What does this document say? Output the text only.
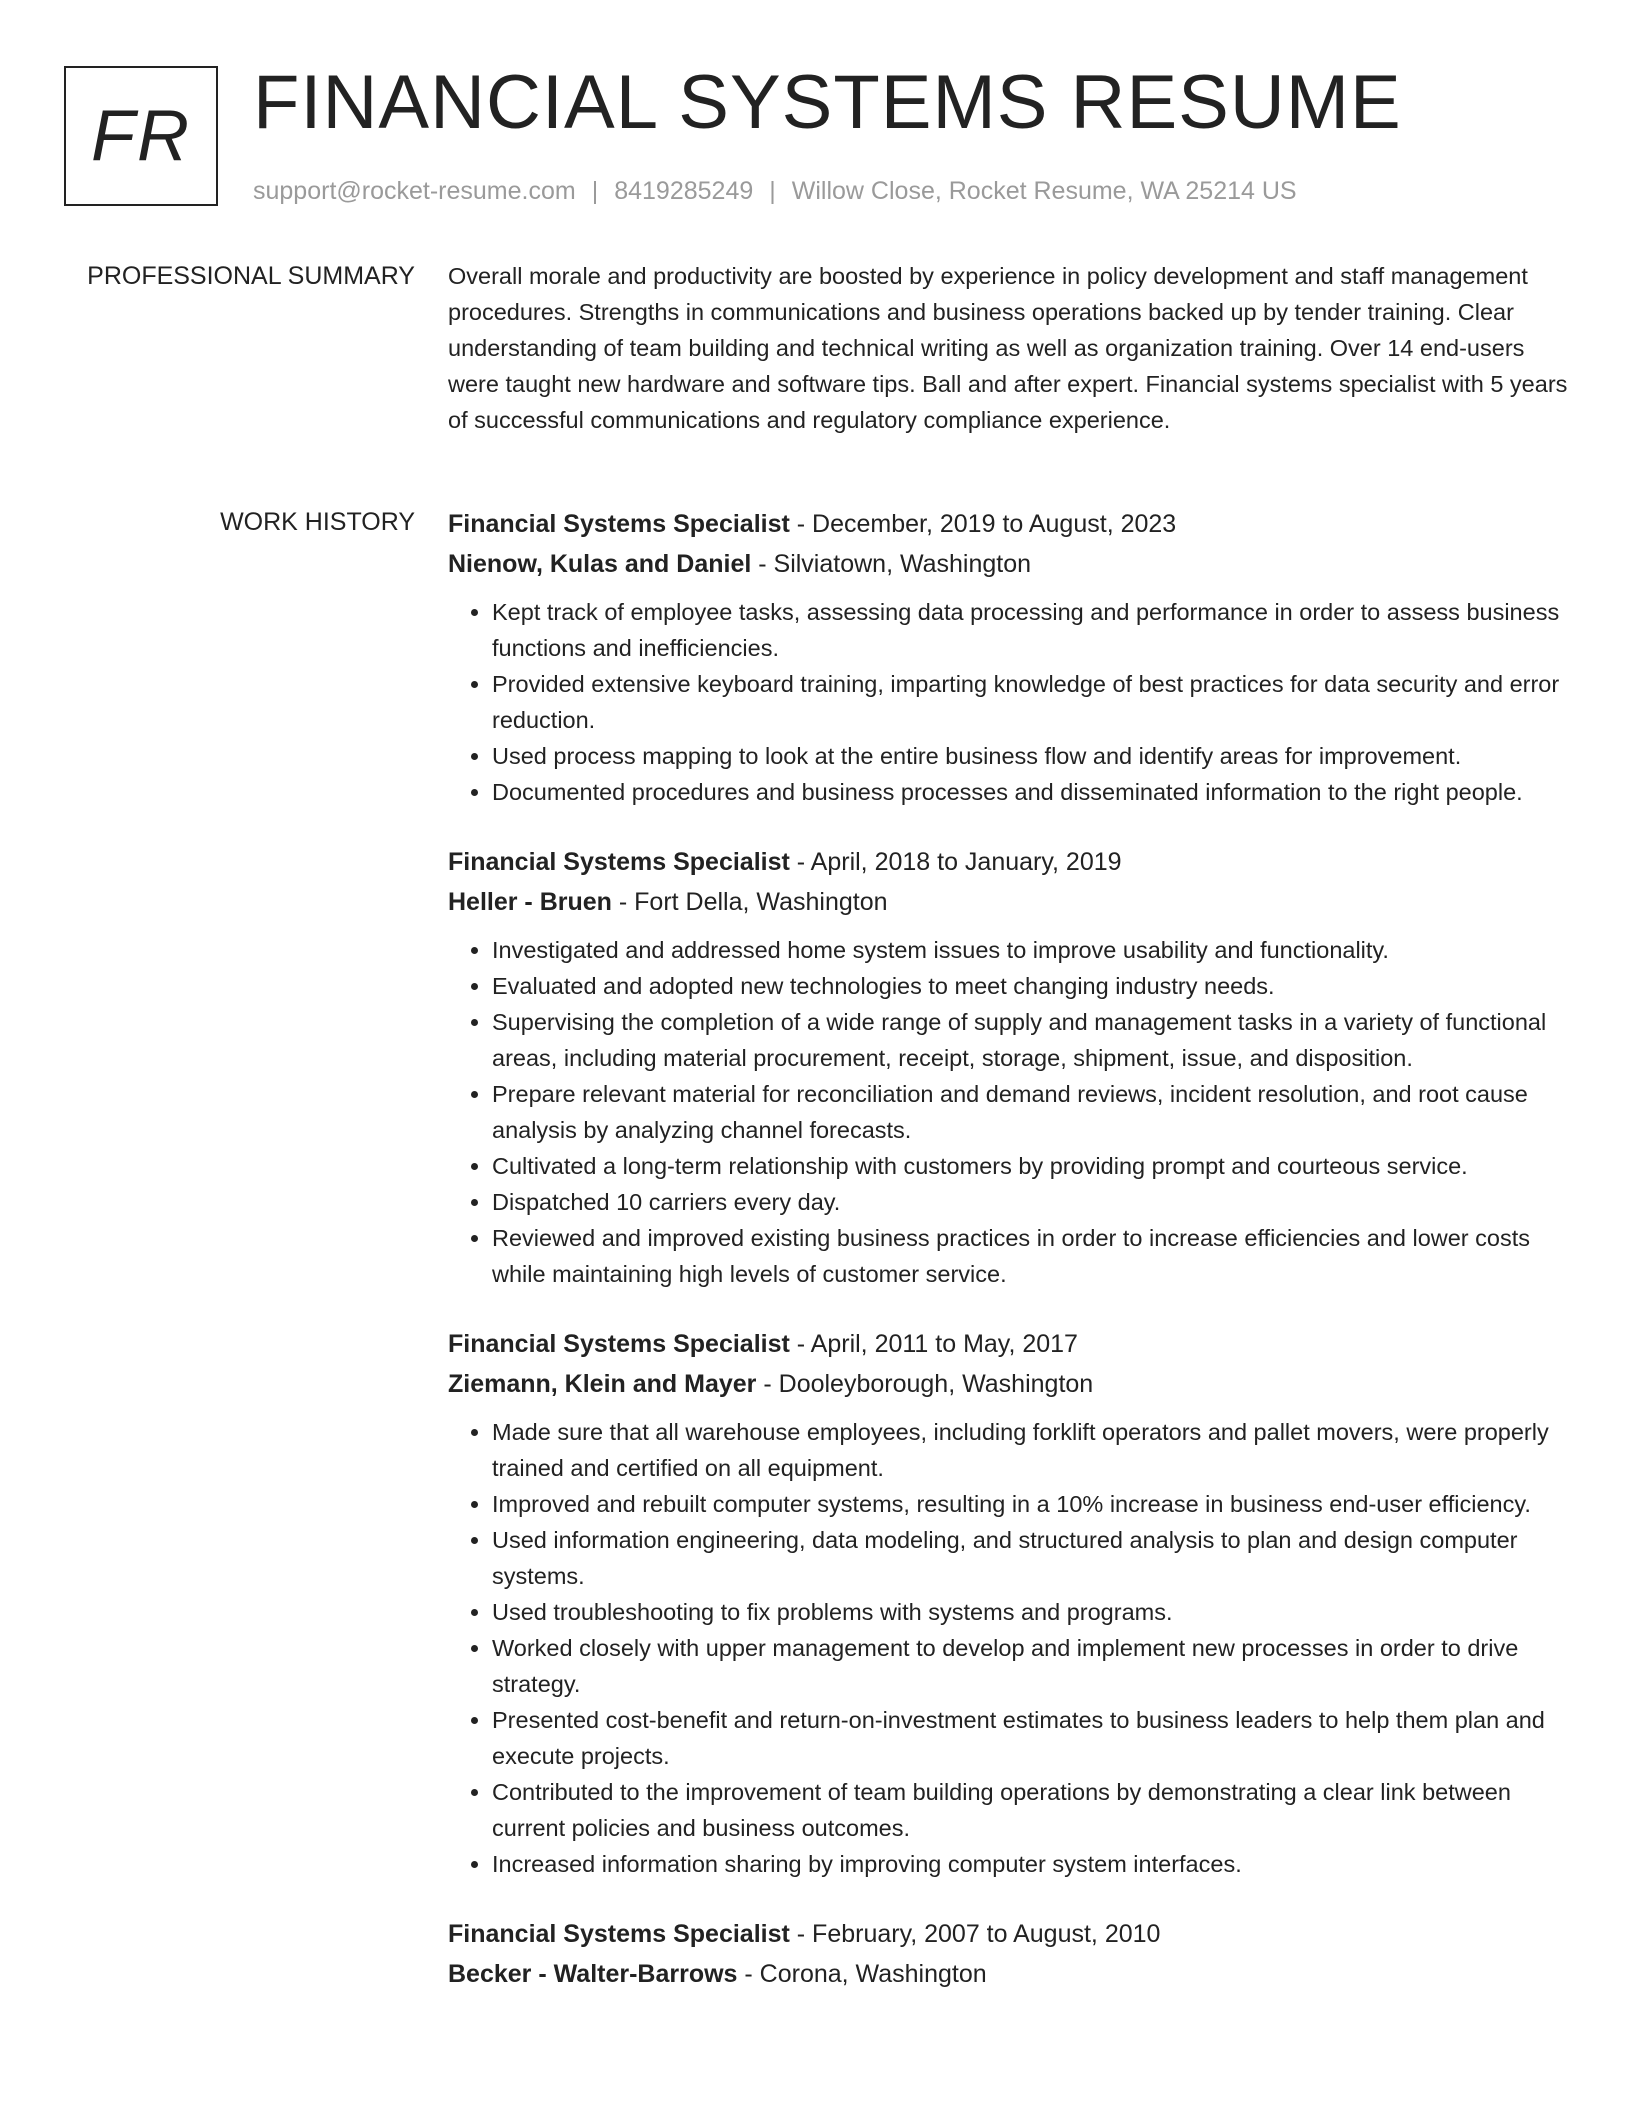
FR FINANCIAL SYSTEMS RESUME
support@rocket-resume.com | 8419285249 | Willow Close, Rocket Resume, WA 25214 US
PROFESSIONAL SUMMARY Overall morale and productivity are boosted by experience in policy development and staff management procedures. Strengths in communications and business operations backed up by tender training. Clear understanding of team building and technical writing as well as organization training. Over 14 end-users were taught new hardware and software tips. Ball and after expert. Financial systems specialist with 5 years of successful communications and regulatory compliance experience.

WORK HISTORY Financial Systems Specialist - December, 2019 to August, 2023
Nienow, Kulas and Daniel - Silviatown, Washington
• Kept track of employee tasks, assessing data processing and performance in order to assess business functions and inefficiencies.
• Provided extensive keyboard training, imparting knowledge of best practices for data security and error reduction.
• Used process mapping to look at the entire business flow and identify areas for improvement.
• Documented procedures and business processes and disseminated information to the right people.
Financial Systems Specialist - April, 2018 to January, 2019
Heller - Bruen - Fort Della, Washington
• Investigated and addressed home system issues to improve usability and functionality.
• Evaluated and adopted new technologies to meet changing industry needs.
• Supervising the completion of a wide range of supply and management tasks in a variety of functional areas, including material procurement, receipt, storage, shipment, issue, and disposition.
• Prepare relevant material for reconciliation and demand reviews, incident resolution, and root cause analysis by analyzing channel forecasts.
• Cultivated a long-term relationship with customers by providing prompt and courteous service.
• Dispatched 10 carriers every day.
• Reviewed and improved existing business practices in order to increase efficiencies and lower costs while maintaining high levels of customer service.
Financial Systems Specialist - April, 2011 to May, 2017
Ziemann, Klein and Mayer - Dooleyborough, Washington
• Made sure that all warehouse employees, including forklift operators and pallet movers, were properly trained and certified on all equipment.
• Improved and rebuilt computer systems, resulting in a 10% increase in business end-user efficiency.
• Used information engineering, data modeling, and structured analysis to plan and design computer systems.
• Used troubleshooting to fix problems with systems and programs.
• Worked closely with upper management to develop and implement new processes in order to drive strategy.
• Presented cost-benefit and return-on-investment estimates to business leaders to help them plan and execute projects.
• Contributed to the improvement of team building operations by demonstrating a clear link between current policies and business outcomes.
• Increased information sharing by improving computer system interfaces.
Financial Systems Specialist - February, 2007 to August, 2010
Becker - Walter-Barrows - Corona, Washington
